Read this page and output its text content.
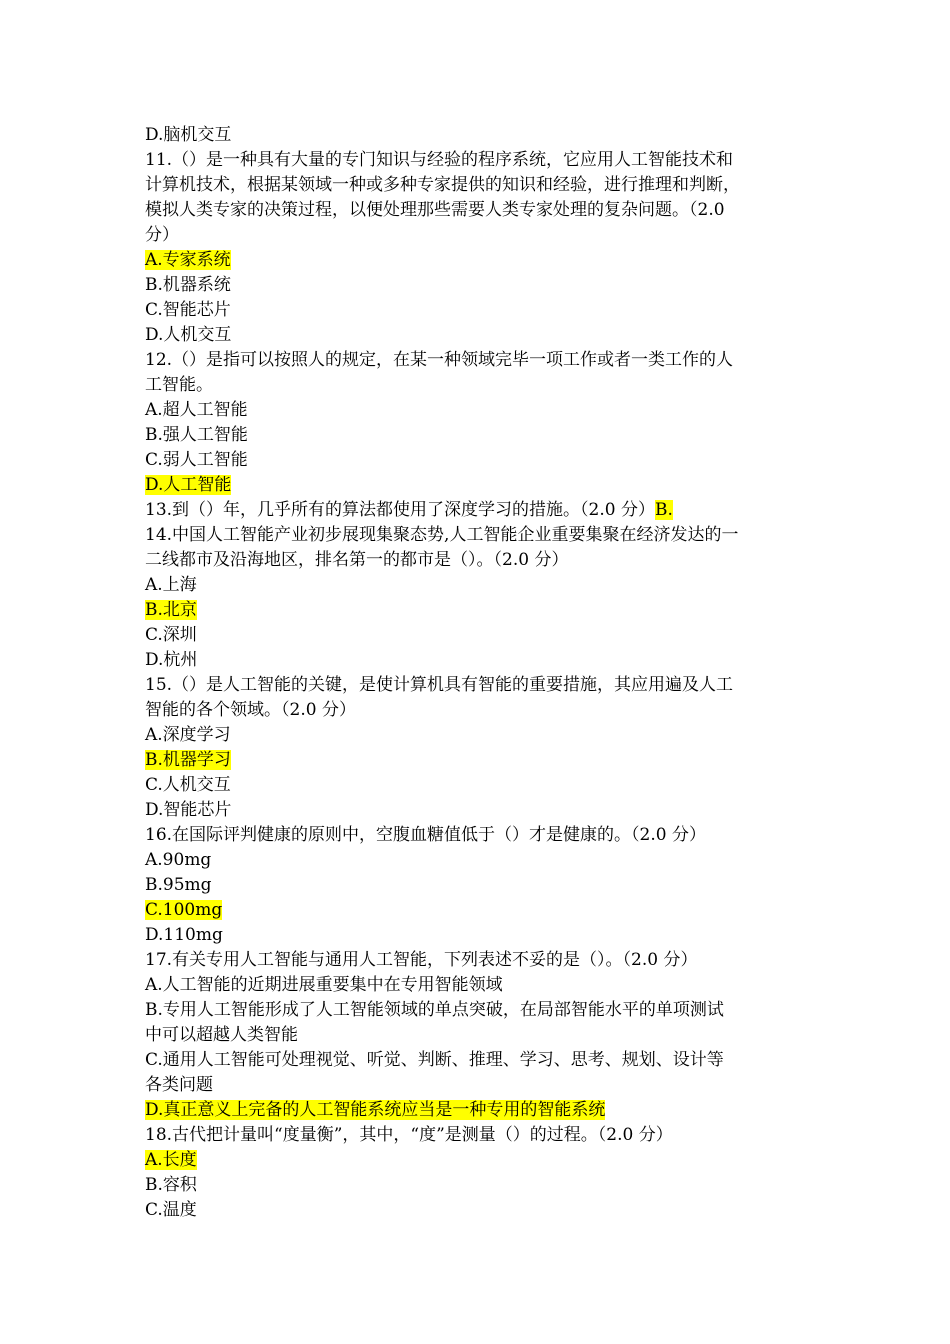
D.脑机交互
11.（）是一种具有大量的专门知识与经验的程序系统，它应用人工智能技术和
计算机技术，根据某领域一种或多种专家提供的知识和经验，进行推理和判断，
模拟人类专家的决策过程，以便处理那些需要人类专家处理的复杂问题。（2.0
分）
A.专家系统
B.机器系统
C.智能芯片
D.人机交互
12.（）是指可以按照人的规定，在某一种领域完毕一项工作或者一类工作的人
工智能。
A.超人工智能
B.强人工智能
C.弱人工智能
D.人工智能
13.到（）年，几乎所有的算法都使用了深度学习的措施。（2.0 分）B.
14.中国人工智能产业初步展现集聚态势,人工智能企业重要集聚在经济发达的一
二线都市及沿海地区，排名第一的都市是（）。（2.0 分）
A.上海
B.北京
C.深圳
D.杭州
15.（）是人工智能的关键，是使计算机具有智能的重要措施，其应用遍及人工
智能的各个领域。（2.0 分）
A.深度学习
B.机器学习
C.人机交互
D.智能芯片
16.在国际评判健康的原则中，空腹血糖值低于（）才是健康的。（2.0 分）
A.90mg
B.95mg
C.100mg
D.110mg
17.有关专用人工智能与通用人工智能，下列表述不妥的是（）。（2.0 分）
A.人工智能的近期进展重要集中在专用智能领域
B.专用人工智能形成了人工智能领域的单点突破，在局部智能水平的单项测试
中可以超越人类智能
C.通用人工智能可处理视觉、听觉、判断、推理、学习、思考、规划、设计等
各类问题
D.真正意义上完备的人工智能系统应当是一种专用的智能系统
18.古代把计量叫“度量衡”，其中，“度”是测量（）的过程。（2.0 分）
A.长度
B.容积
C.温度
